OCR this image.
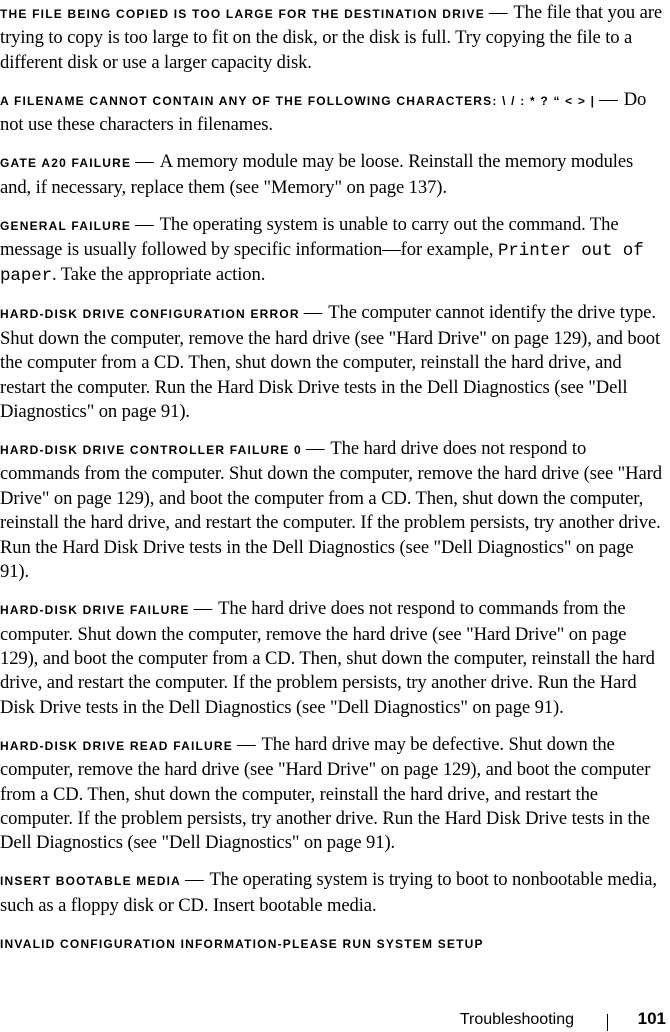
THE FILE BEING COPIED IS TOO LARGE FOR THE DESTINATION DRIVE — The file that you are trying to copy is too large to fit on the disk, or the disk is full. Try copying the file to a different disk or use a larger capacity disk.

A FILENAME CANNOT CONTAIN ANY OF THE FOLLOWING CHARACTERS: \ / : * ? “ < > | — Do not use these characters in filenames.

GATE A20 FAILURE — A memory module may be loose. Reinstall the memory modules and, if necessary, replace them (see "Memory" on page 137).

GENERAL FAILURE — The operating system is unable to carry out the command. The message is usually followed by specific information—for example, Printer out of paper. Take the appropriate action.

HARD-DISK DRIVE CONFIGURATION ERROR — The computer cannot identify the drive type. Shut down the computer, remove the hard drive (see "Hard Drive" on page 129), and boot the computer from a CD. Then, shut down the computer, reinstall the hard drive, and restart the computer. Run the Hard Disk Drive tests in the Dell Diagnostics (see "Dell Diagnostics" on page 91).

HARD-DISK DRIVE CONTROLLER FAILURE 0 — The hard drive does not respond to commands from the computer. Shut down the computer, remove the hard drive (see "Hard Drive" on page 129), and boot the computer from a CD. Then, shut down the computer, reinstall the hard drive, and restart the computer. If the problem persists, try another drive. Run the Hard Disk Drive tests in the Dell Diagnostics (see "Dell Diagnostics" on page 91).

HARD-DISK DRIVE FAILURE — The hard drive does not respond to commands from the computer. Shut down the computer, remove the hard drive (see "Hard Drive" on page 129), and boot the computer from a CD. Then, shut down the computer, reinstall the hard drive, and restart the computer. If the problem persists, try another drive. Run the Hard Disk Drive tests in the Dell Diagnostics (see "Dell Diagnostics" on page 91).

HARD-DISK DRIVE READ FAILURE — The hard drive may be defective. Shut down the computer, remove the hard drive (see "Hard Drive" on page 129), and boot the computer from a CD. Then, shut down the computer, reinstall the hard drive, and restart the computer. If the problem persists, try another drive. Run the Hard Disk Drive tests in the Dell Diagnostics (see "Dell Diagnostics" on page 91).

INSERT BOOTABLE MEDIA — The operating system is trying to boot to nonbootable media, such as a floppy disk or CD. Insert bootable media.

INVALID CONFIGURATION INFORMATION-PLEASE RUN SYSTEM SETUP

Troubleshooting	101
